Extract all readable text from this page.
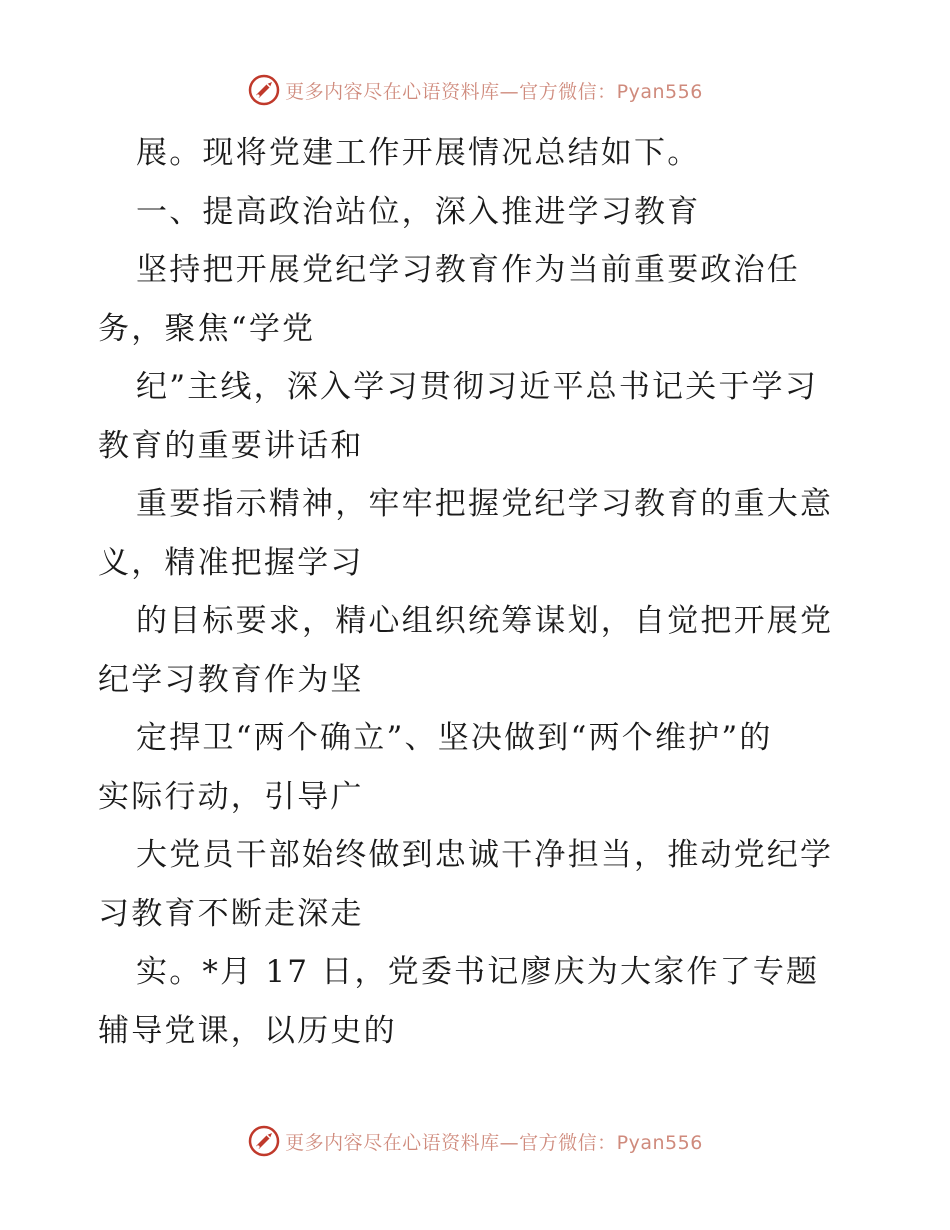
更多内容尽在心语资料库—官方微信：Pyan556
展。现将党建工作开展情况总结如下。
一、提高政治站位，深入推进学习教育
坚持把开展党纪学习教育作为当前重要政治任
务，聚焦“学党
纪”主线，深入学习贯彻习近平总书记关于学习
教育的重要讲话和
重要指示精神，牢牢把握党纪学习教育的重大意
义，精准把握学习
的目标要求，精心组织统筹谋划，自觉把开展党
纪学习教育作为坚
定捍卫“两个确立”、坚决做到“两个维护”的
实际行动，引导广
大党员干部始终做到忠诚干净担当，推动党纪学
习教育不断走深走
实。*月 17 日，党委书记廖庆为大家作了专题
辅导党课，以历史的
更多内容尽在心语资料库—官方微信：Pyan556
